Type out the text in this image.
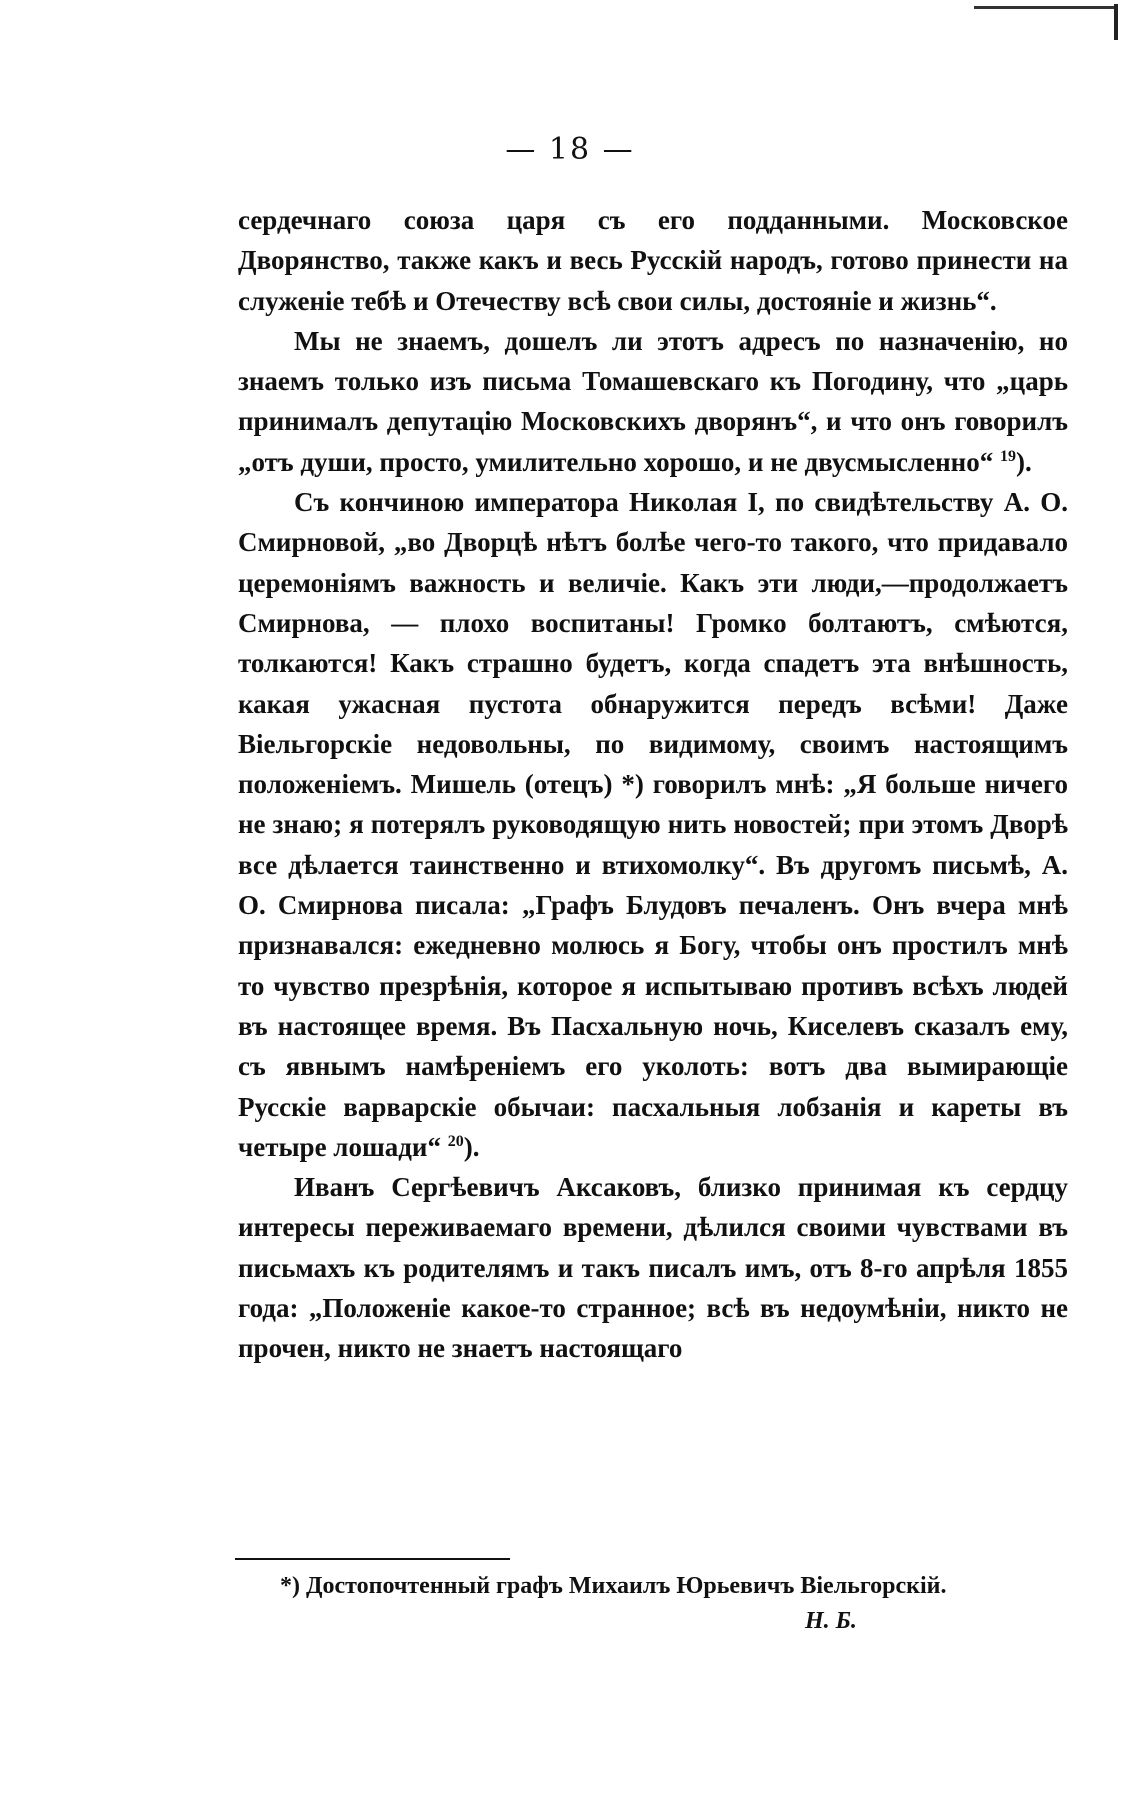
— 18 —

сердечнаго союза царя съ его подданными. Московское Дворянство, также какъ и весь Русскій народъ, готово принести на служеніе тебѣ и Отечеству всѣ свои силы, достояніе и жизнь“.

Мы не знаемъ, дошелъ ли этотъ адресъ по назначенію, но знаемъ только изъ письма Томашевскаго къ Погодину, что „царь принималъ депутацію Московскихъ дворянъ“, и что онъ говорилъ „отъ души, просто, умилительно хорошо, и не двусмысленно“ $^{19}$).

Съ кончиною императора Николая I, по свидѣтельству А. О. Смирновой, „во Дворцѣ нѣтъ болѣе чего-то такого, что придавало церемоніямъ важность и величіе. Какъ эти люди,—продолжаетъ Смирнова, — плохо воспитаны! Громко болтаютъ, смѣются, толкаются! Какъ страшно будетъ, когда спадетъ эта внѣшность, какая ужасная пустота обнаружится передъ всѣми! Даже Віельгорскіе недовольны, по видимому, своимъ настоящимъ положеніемъ. Мишель (отецъ) *) говорилъ мнѣ: „Я больше ничего не знаю; я потерялъ руководящую нить новостей; при этомъ Дворѣ все дѣлается таинственно и втихомолку“. Въ другомъ письмѣ, А. О. Смирнова писала: „Графъ Блудовъ печаленъ. Онъ вчера мнѣ признавался: ежедневно молюсь я Богу, чтобы онъ простилъ мнѣ то чувство презрѣнія, которое я испытываю противъ всѣхъ людей въ настоящее время. Въ Пасхальную ночь, Киселевъ сказалъ ему, съ явнымъ намѣреніемъ его уколоть: вотъ два вымирающіе Русскіе варварскіе обычаи: пасхальныя лобзанія и кареты въ четыре лошади“ $^{20}$).

Иванъ Сергѣевичъ Аксаковъ, близко принимая къ сердцу интересы переживаемаго времени, дѣлился своими чувствами въ письмахъ къ родителямъ и такъ писалъ имъ, отъ 8-го апрѣля 1855 года: „Положеніе какое-то странное; всѣ въ недоумѣніи, никто не прочен, никто не знаетъ настоящаго

*) Достопочтенный графъ Михаилъ Юрьевичъ Віельгорскій.
Н. Б.
